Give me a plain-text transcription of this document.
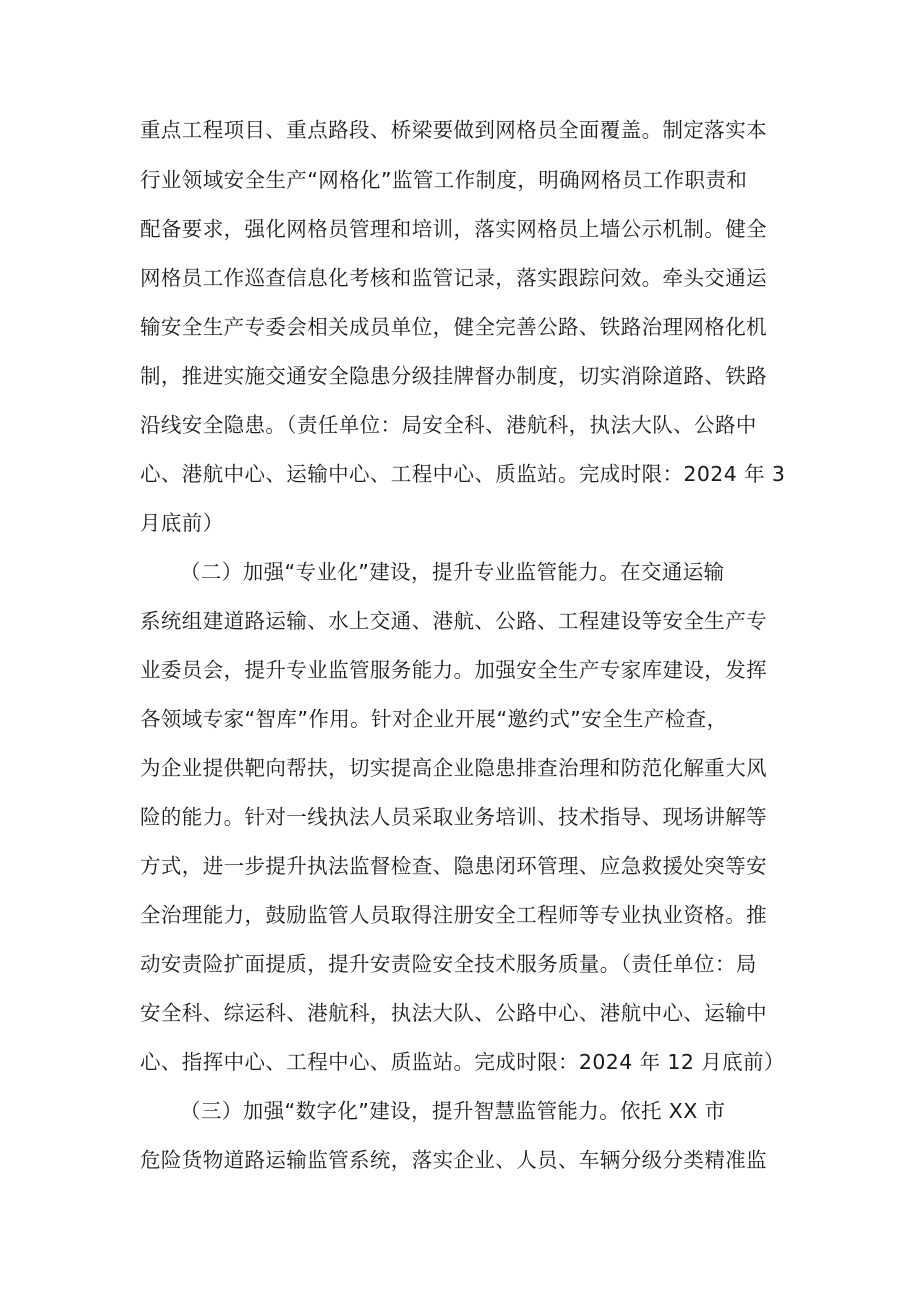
重点工程项目、重点路段、桥梁要做到网格员全面覆盖。制定落实本
行业领域安全生产“网格化”监管工作制度，明确网格员工作职责和
配备要求，强化网格员管理和培训，落实网格员上墙公示机制。健全
网格员工作巡查信息化考核和监管记录，落实跟踪问效。牵头交通运
输安全生产专委会相关成员单位，健全完善公路、铁路治理网格化机
制，推进实施交通安全隐患分级挂牌督办制度，切实消除道路、铁路
沿线安全隐患。（责任单位：局安全科、港航科，执法大队、公路中
心、港航中心、运输中心、工程中心、质监站。完成时限：2024 年 3
月底前）
（二）加强“专业化”建设，提升专业监管能力。在交通运输
系统组建道路运输、水上交通、港航、公路、工程建设等安全生产专
业委员会，提升专业监管服务能力。加强安全生产专家库建设，发挥
各领域专家“智库”作用。针对企业开展“邀约式”安全生产检查，
为企业提供靶向帮扶，切实提高企业隐患排查治理和防范化解重大风
险的能力。针对一线执法人员采取业务培训、技术指导、现场讲解等
方式，进一步提升执法监督检查、隐患闭环管理、应急救援处突等安
全治理能力，鼓励监管人员取得注册安全工程师等专业执业资格。推
动安责险扩面提质，提升安责险安全技术服务质量。（责任单位：局
安全科、综运科、港航科，执法大队、公路中心、港航中心、运输中
心、指挥中心、工程中心、质监站。完成时限：2024 年 12 月底前）
（三）加强“数字化”建设，提升智慧监管能力。依托 XX 市
危险货物道路运输监管系统，落实企业、人员、车辆分级分类精准监
